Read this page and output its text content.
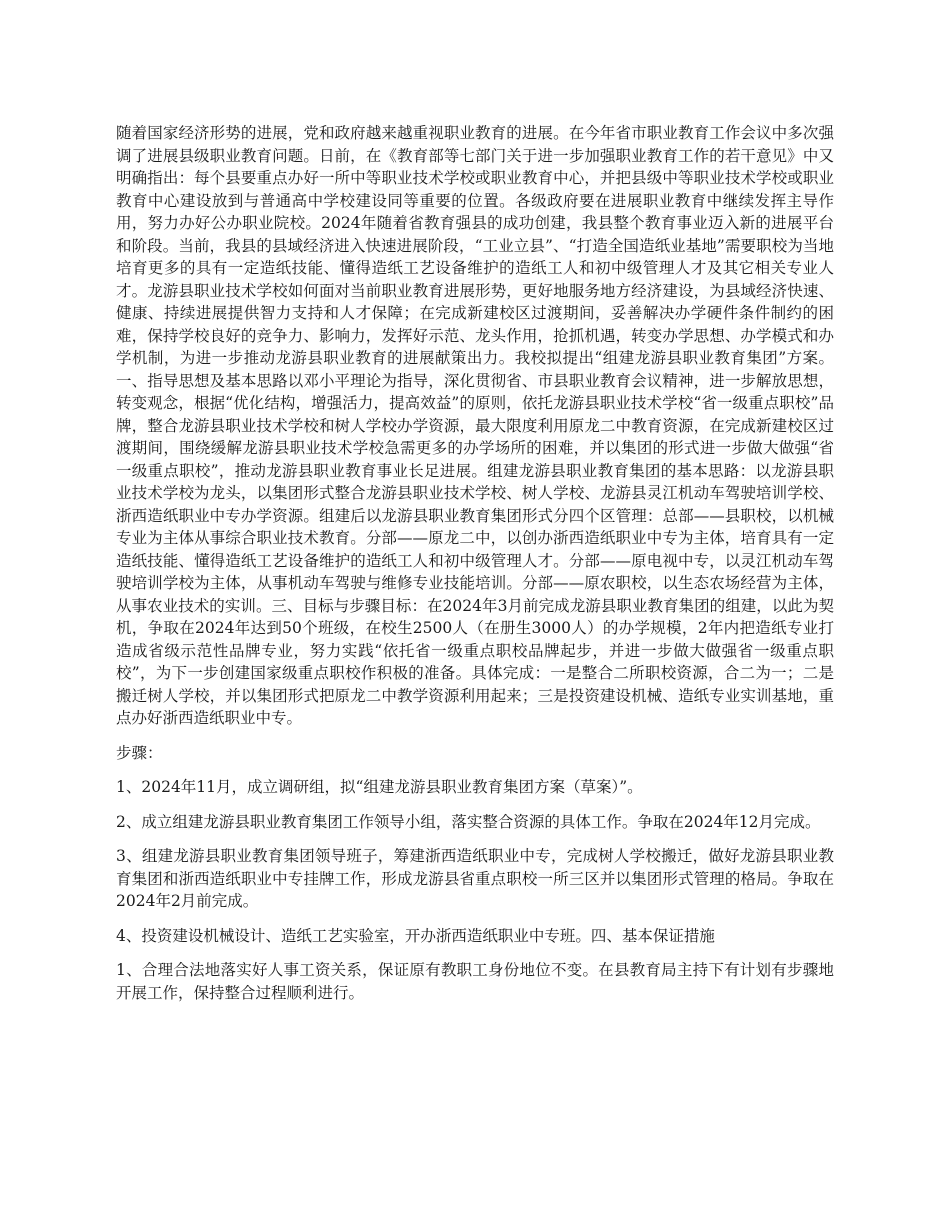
随着国家经济形势的进展，党和政府越来越重视职业教育的进展。在今年省市职业教育工作会议中多次强调了进展县级职业教育问题。日前，在《教育部等七部门关于进一步加强职业教育工作的若干意见》中又明确指出：每个县要重点办好一所中等职业技术学校或职业教育中心，并把县级中等职业技术学校或职业教育中心建设放到与普通高中学校建设同等重要的位置。各级政府要在进展职业教育中继续发挥主导作用，努力办好公办职业院校。2024年随着省教育强县的成功创建，我县整个教育事业迈入新的进展平台和阶段。当前，我县的县域经济进入快速进展阶段，“工业立县”、“打造全国造纸业基地”需要职校为当地培育更多的具有一定造纸技能、懂得造纸工艺设备维护的造纸工人和初中级管理人才及其它相关专业人才。龙游县职业技术学校如何面对当前职业教育进展形势，更好地服务地方经济建设，为县域经济快速、健康、持续进展提供智力支持和人才保障；在完成新建校区过渡期间，妥善解决办学硬件条件制约的困难，保持学校良好的竞争力、影响力，发挥好示范、龙头作用，抢抓机遇，转变办学思想、办学模式和办学机制，为进一步推动龙游县职业教育的进展献策出力。我校拟提出“组建龙游县职业教育集团”方案。一、指导思想及基本思路以邓小平理论为指导，深化贯彻省、市县职业教育会议精神，进一步解放思想，转变观念，根据“优化结构，增强活力，提高效益”的原则，依托龙游县职业技术学校“省一级重点职校”品牌，整合龙游县职业技术学校和树人学校办学资源，最大限度利用原龙二中教育资源，在完成新建校区过渡期间，围绕缓解龙游县职业技术学校急需更多的办学场所的困难，并以集团的形式进一步做大做强“省一级重点职校”，推动龙游县职业教育事业长足进展。组建龙游县职业教育集团的基本思路：以龙游县职业技术学校为龙头，以集团形式整合龙游县职业技术学校、树人学校、龙游县灵江机动车驾驶培训学校、浙西造纸职业中专办学资源。组建后以龙游县职业教育集团形式分四个区管理：总部——县职校，以机械专业为主体从事综合职业技术教育。分部——原龙二中，以创办浙西造纸职业中专为主体，培育具有一定造纸技能、懂得造纸工艺设备维护的造纸工人和初中级管理人才。分部——原电视中专，以灵江机动车驾驶培训学校为主体，从事机动车驾驶与维修专业技能培训。分部——原农职校，以生态农场经营为主体，从事农业技术的实训。三、目标与步骤目标：在2024年3月前完成龙游县职业教育集团的组建，以此为契机，争取在2024年达到50个班级，在校生2500人（在册生3000人）的办学规模，2年内把造纸专业打造成省级示范性品牌专业，努力实践“依托省一级重点职校品牌起步，并进一步做大做强省一级重点职校”，为下一步创建国家级重点职校作积极的准备。具体完成：一是整合二所职校资源，合二为一；二是搬迁树人学校，并以集团形式把原龙二中教学资源利用起来；三是投资建设机械、造纸专业实训基地，重点办好浙西造纸职业中专。

步骤：

1、2024年11月，成立调研组，拟“组建龙游县职业教育集团方案（草案）”。

2、成立组建龙游县职业教育集团工作领导小组，落实整合资源的具体工作。争取在2024年12月完成。

3、组建龙游县职业教育集团领导班子，筹建浙西造纸职业中专，完成树人学校搬迁，做好龙游县职业教育集团和浙西造纸职业中专挂牌工作，形成龙游县省重点职校一所三区并以集团形式管理的格局。争取在2024年2月前完成。

4、投资建设机械设计、造纸工艺实验室，开办浙西造纸职业中专班。四、基本保证措施

1、合理合法地落实好人事工资关系，保证原有教职工身份地位不变。在县教育局主持下有计划有步骤地开展工作，保持整合过程顺利进行。
